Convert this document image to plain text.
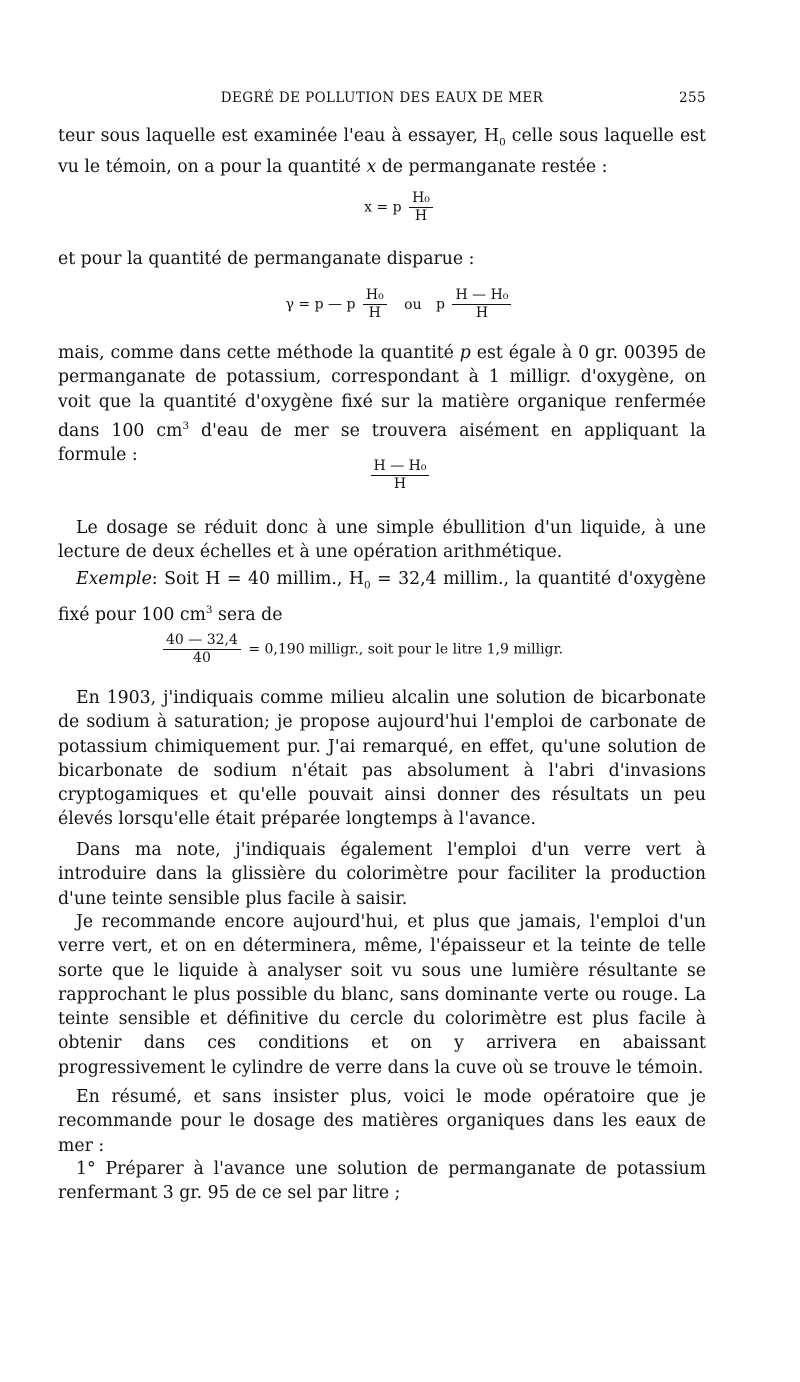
DEGRÉ DE POLLUTION DES EAUX DE MER	255

teur sous laquelle est examinée l'eau à essayer, $H_0$ celle sous laquelle est vu le témoin, on a pour la quantité x de permanganate restée :

x = p $\frac{\text{H₀}}{H}$

et pour la quantité de permanganate disparue :

γ = p — p $\frac{\text{H₀}}{H}$ ou p $\frac{\text{H — H₀}}{H}$

mais, comme dans cette méthode la quantité p est égale à 0 gr. 00395 de permanganate de potassium, correspondant à 1 milligr. d'oxygène, on voit que la quantité d'oxygène fixé sur la matière organique renfermée dans 100 $cm^3$ d'eau de mer se trouvera aisément en appliquant la formule :

$\frac{\text{H — H₀}}{H}$

Le dosage se réduit donc à une simple ébullition d'un liquide, à une lecture de deux échelles et à une opération arithmétique.

Exemple: Soit H = 40 millim., $H_0 = 32,4$ millim., la quantité d'oxygène fixé pour 100 $cm^3$ sera de

$\frac{40 — 32,4}{40} = 0,190$ milligr., soit pour le litre 1,9 milligr.

En 1903, j'indiquais comme milieu alcalin une solution de bicarbonate de sodium à saturation; je propose aujourd'hui l'emploi de carbonate de potassium chimiquement pur. J'ai remarqué, en effet, qu'une solution de bicarbonate de sodium n'était pas absolument à l'abri d'invasions cryptogamiques et qu'elle pouvait ainsi donner des résultats un peu élevés lorsqu'elle était préparée longtemps à l'avance.

Dans ma note, j'indiquais également l'emploi d'un verre vert à introduire dans la glissière du colorimètre pour faciliter la production d'une teinte sensible plus facile à saisir.

Je recommande encore aujourd'hui, et plus que jamais, l'emploi d'un verre vert, et on en déterminera, même, l'épaisseur et la teinte de telle sorte que le liquide à analyser soit vu sous une lumière résultante se rapprochant le plus possible du blanc, sans dominante verte ou rouge. La teinte sensible et définitive du cercle du colorimètre est plus facile à obtenir dans ces conditions et on y arrivera en abaissant progressivement le cylindre de verre dans la cuve où se trouve le témoin.

En résumé, et sans insister plus, voici le mode opératoire que je recommande pour le dosage des matières organiques dans les eaux de mer :

1° Préparer à l'avance une solution de permanganate de potassium renfermant 3 gr. 95 de ce sel par litre ;
